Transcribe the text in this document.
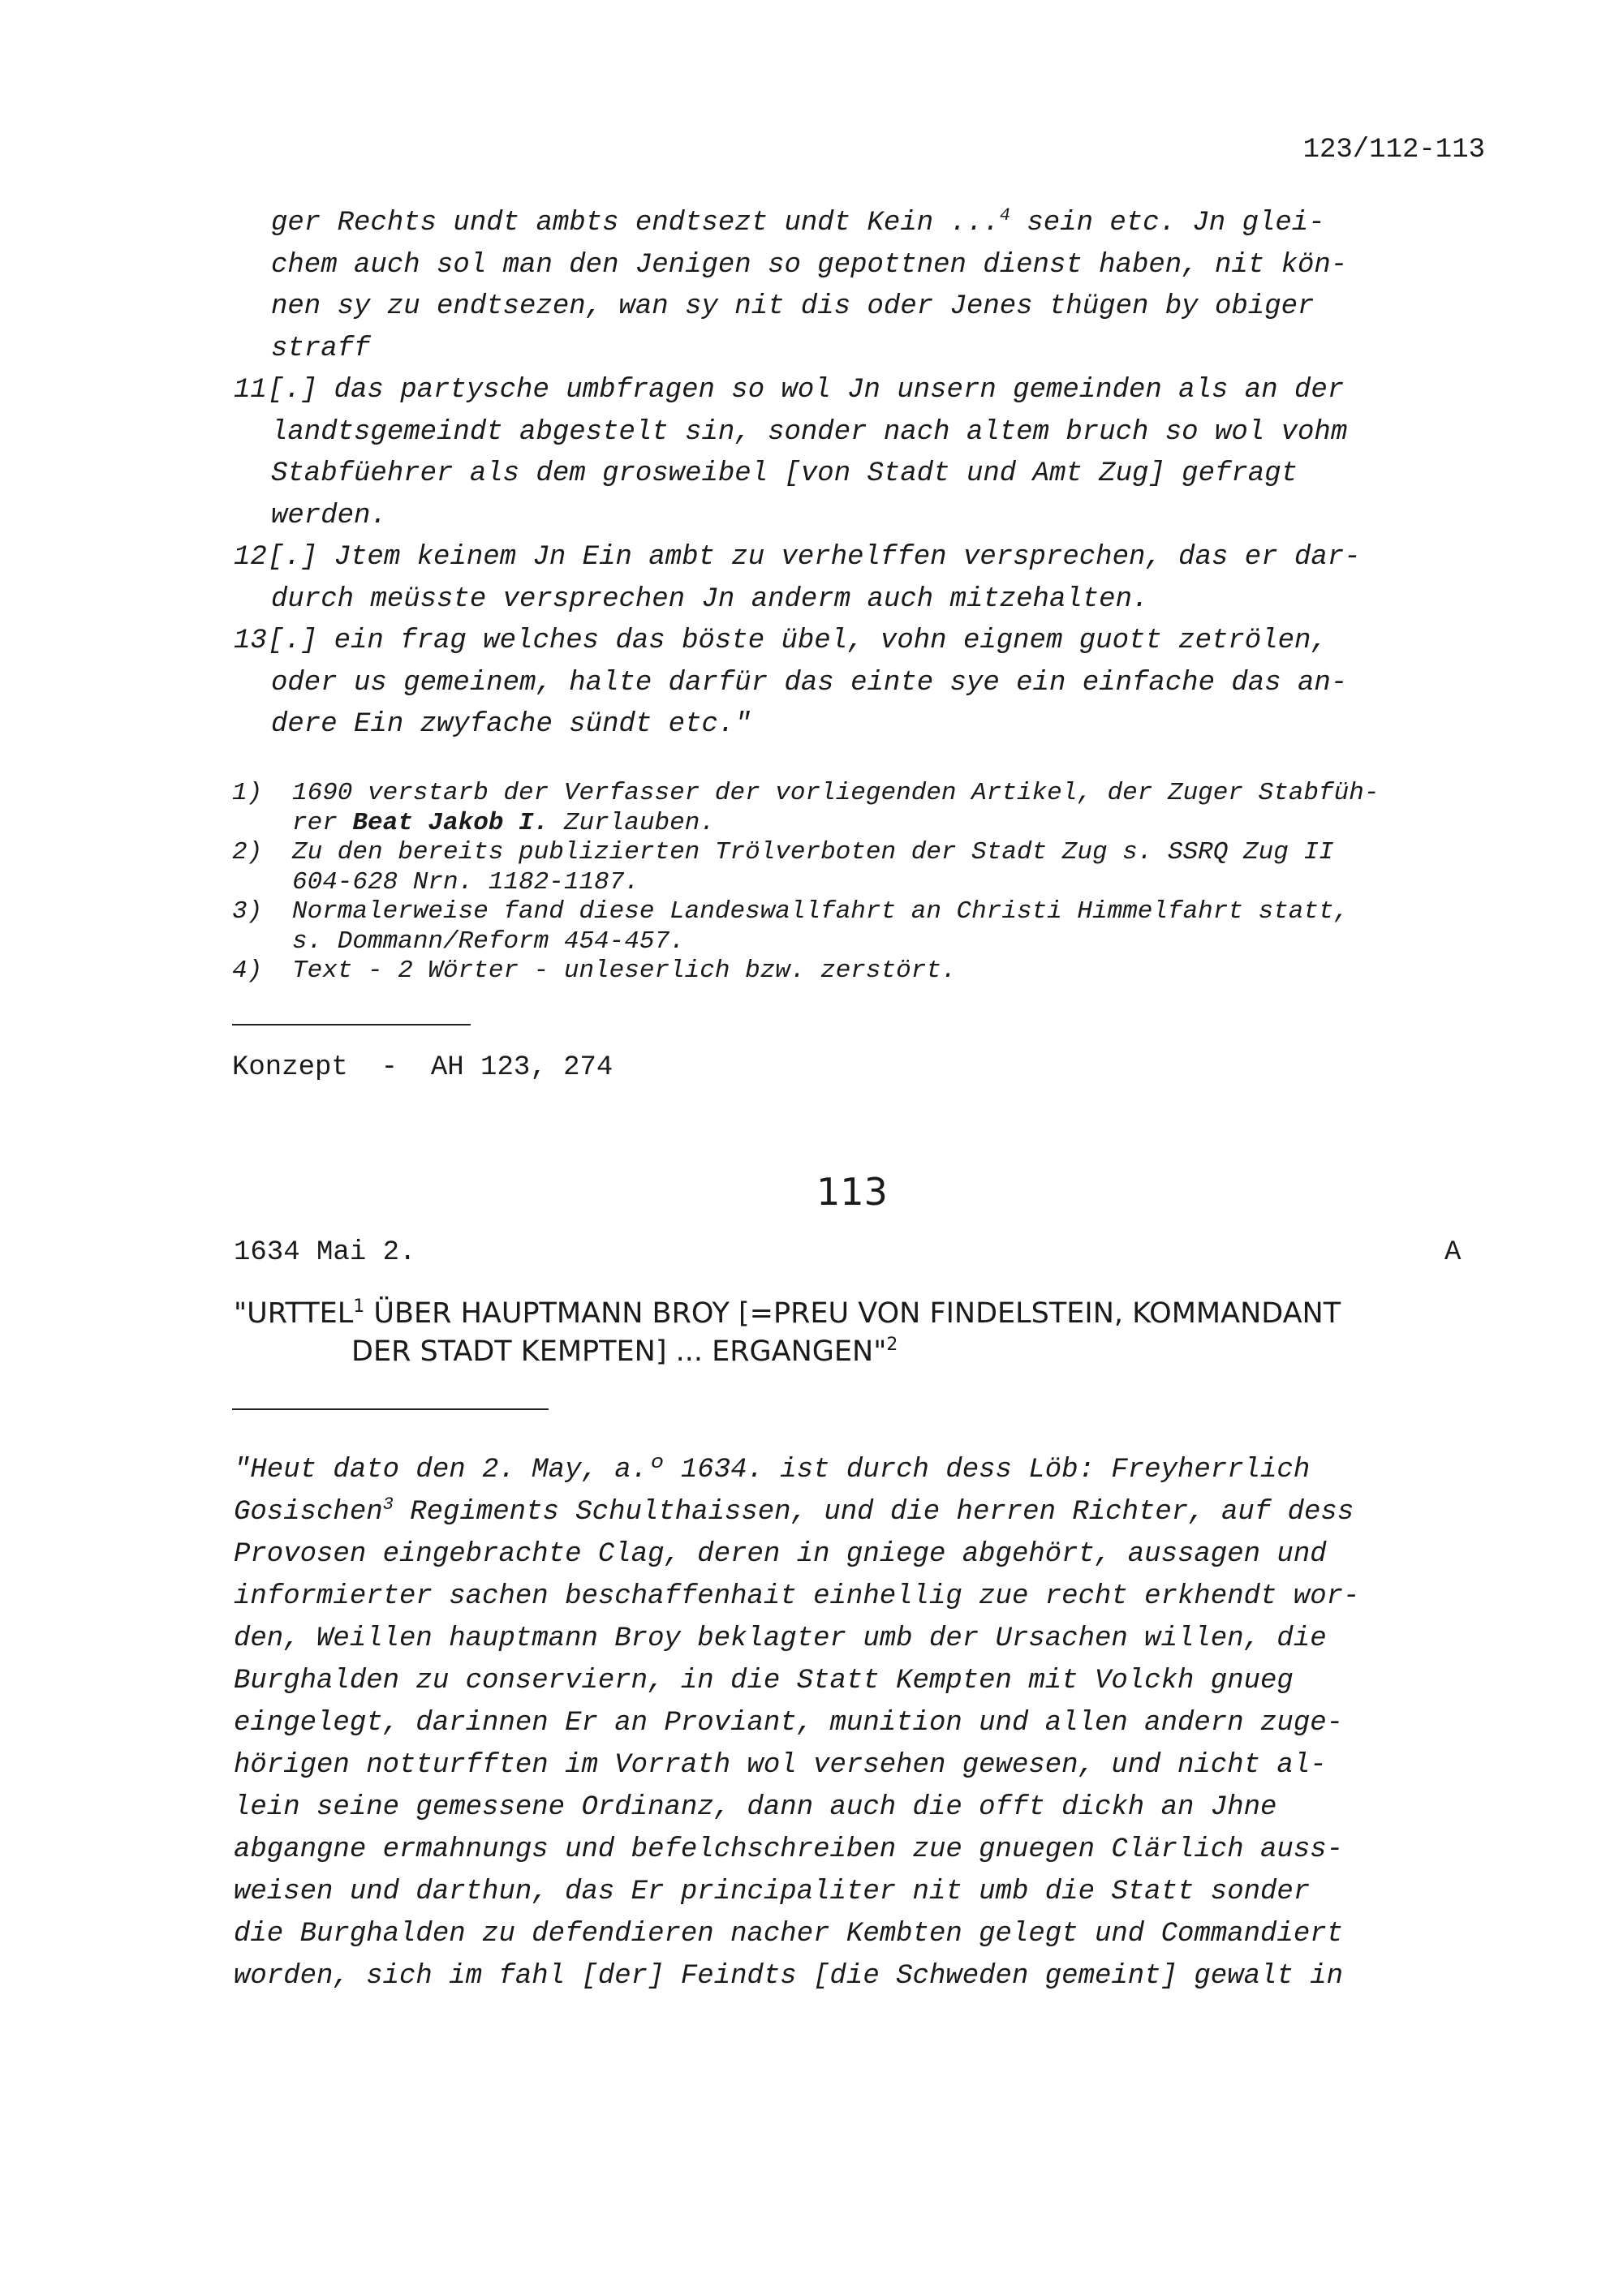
123/112-113
ger Rechts undt ambts endtsezt undt Kein ...$^4$ sein etc. Jn glei-
chem auch sol man den Jenigen so gepottnen dienst haben, nit kön-
nen sy zu endtsezen, wan sy nit dis oder Jenes thügen by obiger
straff
11 [.] das partysche umbfragen so wol Jn unsern gemeinden als an der
landtsgemeindt abgestelt sin, sonder nach altem bruch so wol vohm
Stabfüehrer als dem grosweibel [von Stadt und Amt Zug] gefragt
werden.
12 [.] Jtem keinem Jn Ein ambt zu verhelffen versprechen, das er dar-
durch meüsste versprechen Jn anderm auch mitzehalten.
13 [.] ein frag welches das böste übel, vohn eignem guott zetrölen,
oder us gemeinem, halte darfür das einte sye ein einfache das an-
dere Ein zwyfache sündt etc."
1) 1690 verstarb der Verfasser der vorliegenden Artikel, der Zuger Stabfüh-
rer Beat Jakob I. Zurlauben.
2) Zu den bereits publizierten Trölverboten der Stadt Zug s. SSRQ Zug II
604-628 Nrn. 1182-1187.
3) Normalerweise fand diese Landeswallfahrt an Christi Himmelfahrt statt,
s. Dommann/Reform 454-457.
4) Text - 2 Wörter - unleserlich bzw. zerstört.
Konzept  -  AH 123, 274
113
1634 Mai 2.	A
"URTTEL$^1$ ÜBER HAUPTMANN BROY [=PREU VON FINDELSTEIN, KOMMANDANT
DER STADT KEMPTEN] ... ERGANGEN"$^2$
"Heut dato den 2. May, a.º 1634. ist durch dess Löb: Freyherrlich
Gosischen$^3$ Regiments Schulthaissen, und die herren Richter, auf dess
Provosen eingebrachte Clag, deren in gniege abgehört, aussagen und
informierter sachen beschaffenhait einhellig zue recht erkhendt wor-
den, Weillen hauptmann Broy beklagter umb der Ursachen willen, die
Burghalden zu conserviern, in die Statt Kempten mit Volckh gnueg
eingelegt, darinnen Er an Proviant, munition und allen andern zuge-
hörigen notturfften im Vorrath wol versehen gewesen, und nicht al-
lein seine gemessene Ordinanz, dann auch die offt dickh an Jhne
abgangne ermahnungs und befelchschreiben zue gnuegen Clärlich auss-
weisen und darthun, das Er principaliter nit umb die Statt sonder
die Burghalden zu defendieren nacher Kembten gelegt und Commandiert
worden, sich im fahl [der] Feindts [die Schweden gemeint] gewalt in
